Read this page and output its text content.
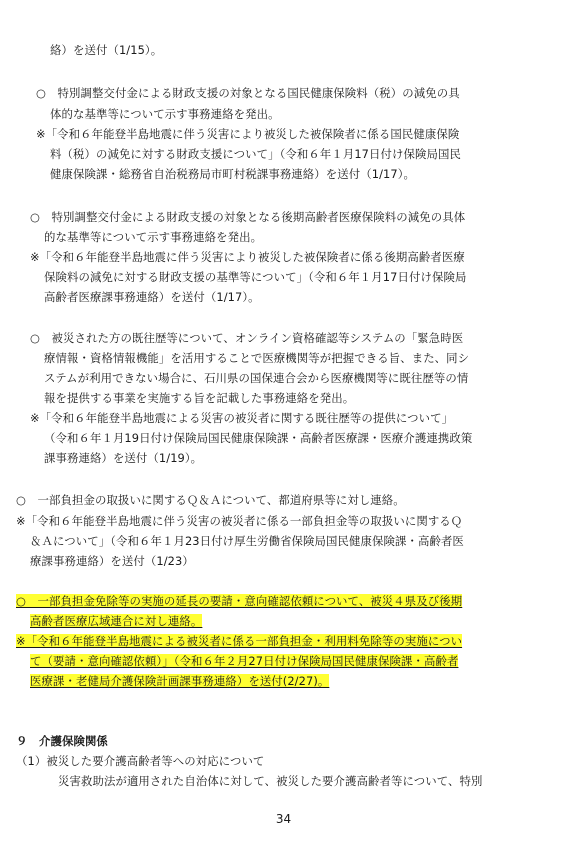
絡）を送付（1/15）。
○　特別調整交付金による財政支援の対象となる国民健康保険料（税）の減免の具
体的な基準等について示す事務連絡を発出。
※「令和６年能登半島地震に伴う災害により被災した被保険者に係る国民健康保険
料（税）の減免に対する財政支援について」（令和６年１月17日付け保険局国民
健康保険課・総務省自治税務局市町村税課事務連絡）を送付（1/17）。
○　特別調整交付金による財政支援の対象となる後期高齢者医療保険料の減免の具体
的な基準等について示す事務連絡を発出。
※「令和６年能登半島地震に伴う災害により被災した被保険者に係る後期高齢者医療
保険料の減免に対する財政支援の基準等について」（令和６年１月17日付け保険局
高齢者医療課事務連絡）を送付（1/17）。
○　被災された方の既往歴等について、オンライン資格確認等システムの「緊急時医
療情報・資格情報機能」を活用することで医療機関等が把握できる旨、また、同シ
ステムが利用できない場合に、石川県の国保連合会から医療機関等に既往歴等の情
報を提供する事業を実施する旨を記載した事務連絡を発出。
※「令和６年能登半島地震による災害の被災者に関する既往歴等の提供について」
（令和６年１月19日付け保険局国民健康保険課・高齢者医療課・医療介護連携政策
課事務連絡）を送付（1/19）。
○　一部負担金の取扱いに関するＱ＆Ａについて、都道府県等に対し連絡。
※「令和６年能登半島地震に伴う災害の被災者に係る一部負担金等の取扱いに関するＱ
＆Ａについて」（令和６年１月23日付け厚生労働省保険局国民健康保険課・高齢者医
療課事務連絡）を送付（1/23）
○　一部負担金免除等の実施の延長の要請・意向確認依頼について、被災４県及び後期
高齢者医療広域連合に対し連絡。
※「令和６年能登半島地震による被災者に係る一部負担金・利用料免除等の実施につい
て（要請・意向確認依頼）」（令和６年２月27日付け保険局国民健康保険課・高齢者
医療課・老健局介護保険計画課事務連絡）を送付(2/27)。
９　介護保険関係
（1）被災した要介護高齢者等への対応について
災害救助法が適用された自治体に対して、被災した要介護高齢者等について、特別
34
